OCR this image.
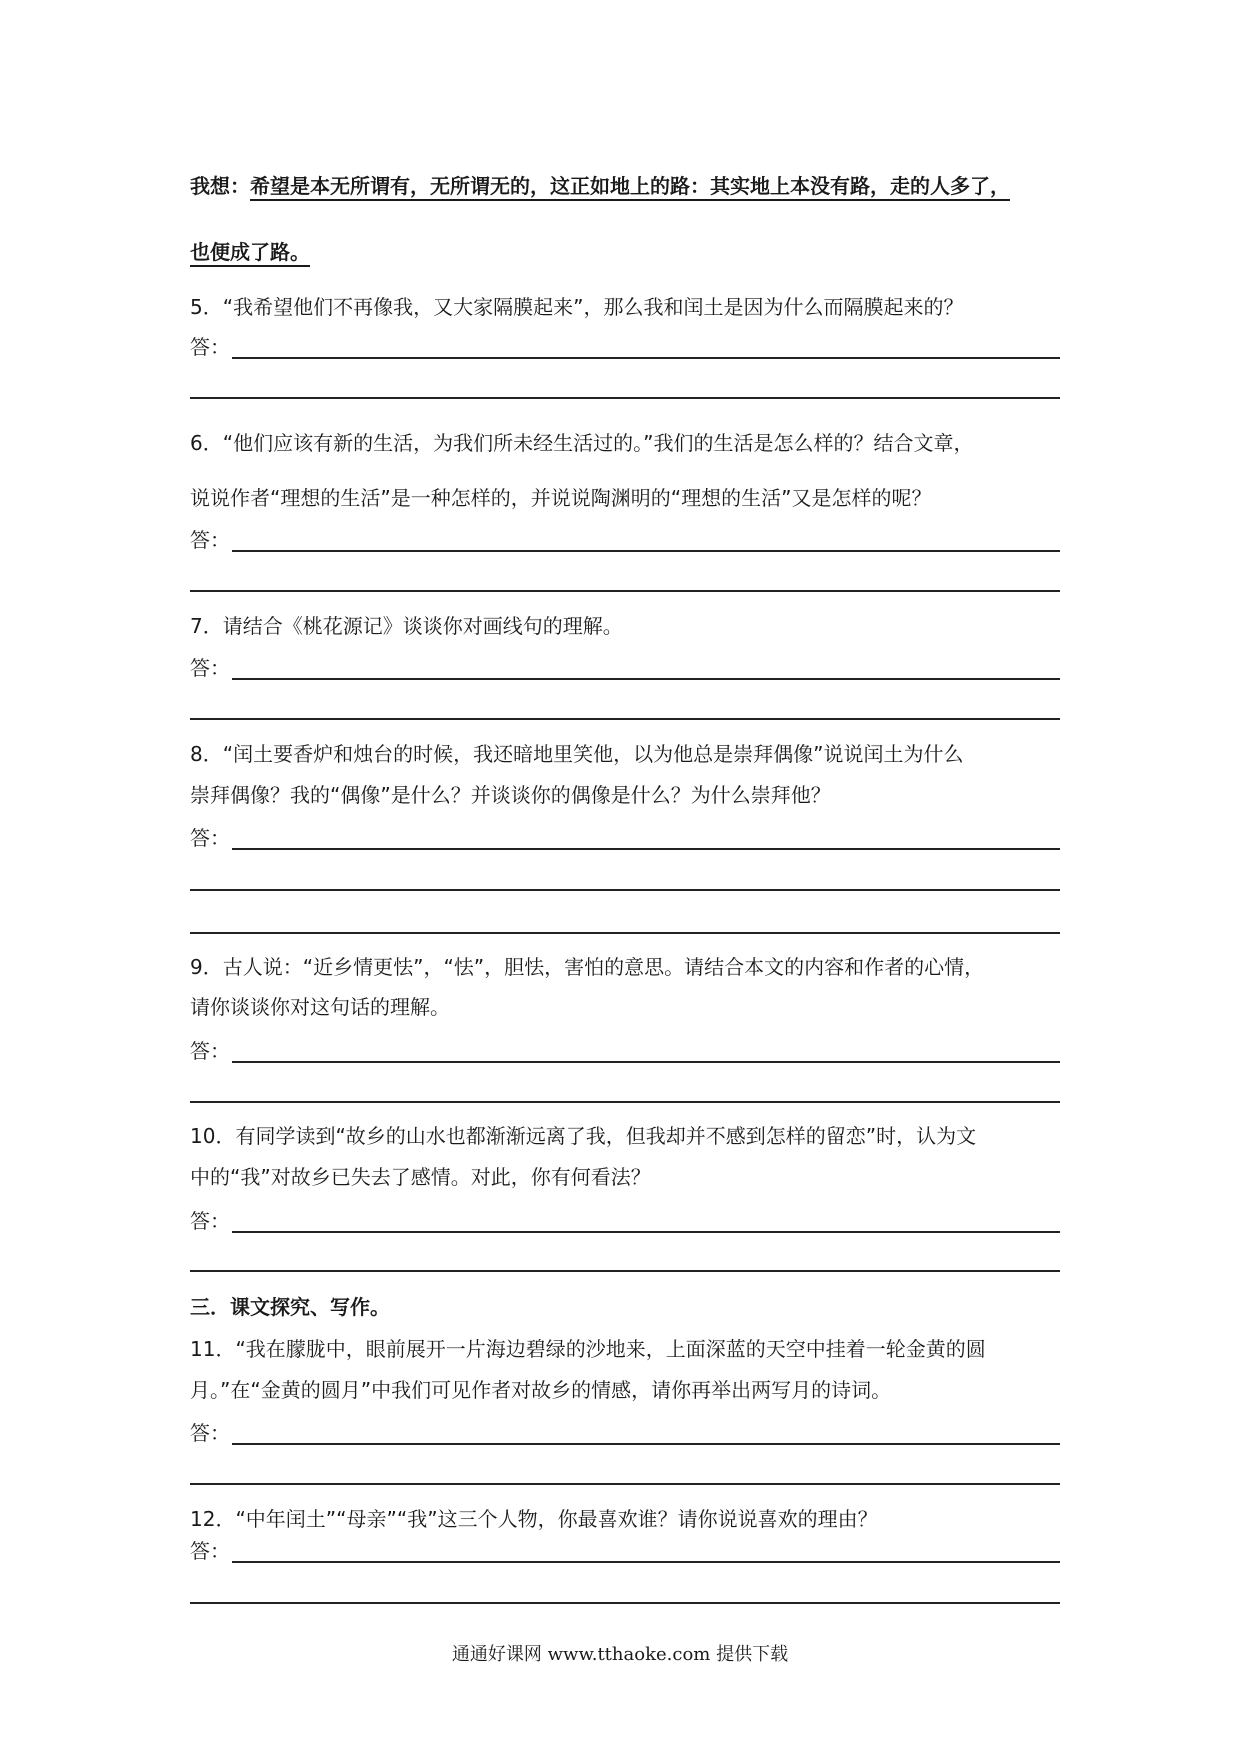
我想：希望是本无所谓有，无所谓无的，这正如地上的路：其实地上本没有路，走的人多了，
也便成了路。
5．“我希望他们不再像我，又大家隔膜起来”，那么我和闰土是因为什么而隔膜起来的？
答：
6．“他们应该有新的生活，为我们所未经生活过的。”我们的生活是怎么样的？结合文章，
说说作者“理想的生活”是一种怎样的，并说说陶渊明的“理想的生活”又是怎样的呢？
答：
7．请结合《桃花源记》谈谈你对画线句的理解。
答：
8．“闰土要香炉和烛台的时候，我还暗地里笑他，以为他总是崇拜偶像”说说闰土为什么
崇拜偶像？我的“偶像”是什么？并谈谈你的偶像是什么？为什么崇拜他？
答：
9．古人说：“近乡情更怯”，“怯”，胆怯，害怕的意思。请结合本文的内容和作者的心情，
请你谈谈你对这句话的理解。
答：
10．有同学读到“故乡的山水也都渐渐远离了我，但我却并不感到怎样的留恋”时，认为文
中的“我”对故乡已失去了感情。对此，你有何看法？
答：
三．课文探究、写作。
11．“我在朦胧中，眼前展开一片海边碧绿的沙地来，上面深蓝的天空中挂着一轮金黄的圆
月。”在“金黄的圆月”中我们可见作者对故乡的情感，请你再举出两写月的诗词。
答：
12．“中年闰土”“母亲”“我”这三个人物，你最喜欢谁？请你说说喜欢的理由？
答：
通通好课网 www.tthaoke.com 提供下载
